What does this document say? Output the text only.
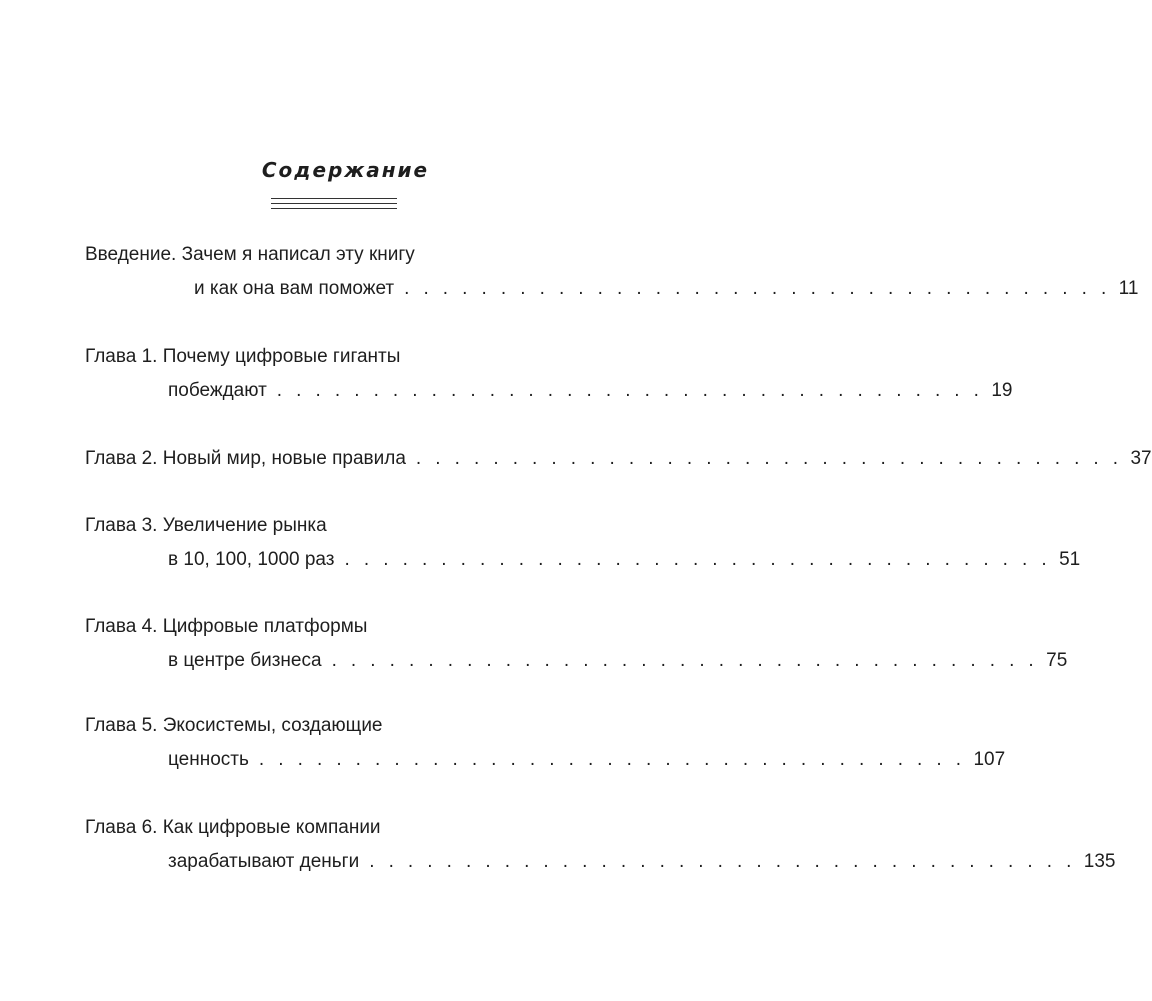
Содержание
Введение. Зачем я написал эту книгу
и как она вам поможет . . . . . . . . . . . . . . . . . . . . . . . . . . . . . . . . . . . . . 11
Глава 1. Почему цифровые гиганты
побеждают . . . . . . . . . . . . . . . . . . . . . . . . . . . . . . . . . . . . . 19
Глава 2. Новый мир, новые правила . . . . . . . . . . . . . . . . . . . . . . . . . . . . . . . . . . . . . 37
Глава 3. Увеличение рынка
в 10, 100, 1000 раз . . . . . . . . . . . . . . . . . . . . . . . . . . . . . . . . . . . . . 51
Глава 4. Цифровые платформы
в центре бизнеса . . . . . . . . . . . . . . . . . . . . . . . . . . . . . . . . . . . . . 75
Глава 5. Экосистемы, создающие
ценность . . . . . . . . . . . . . . . . . . . . . . . . . . . . . . . . . . . . . 107
Глава 6. Как цифровые компании
зарабатывают деньги . . . . . . . . . . . . . . . . . . . . . . . . . . . . . . . . . . . . . 135
